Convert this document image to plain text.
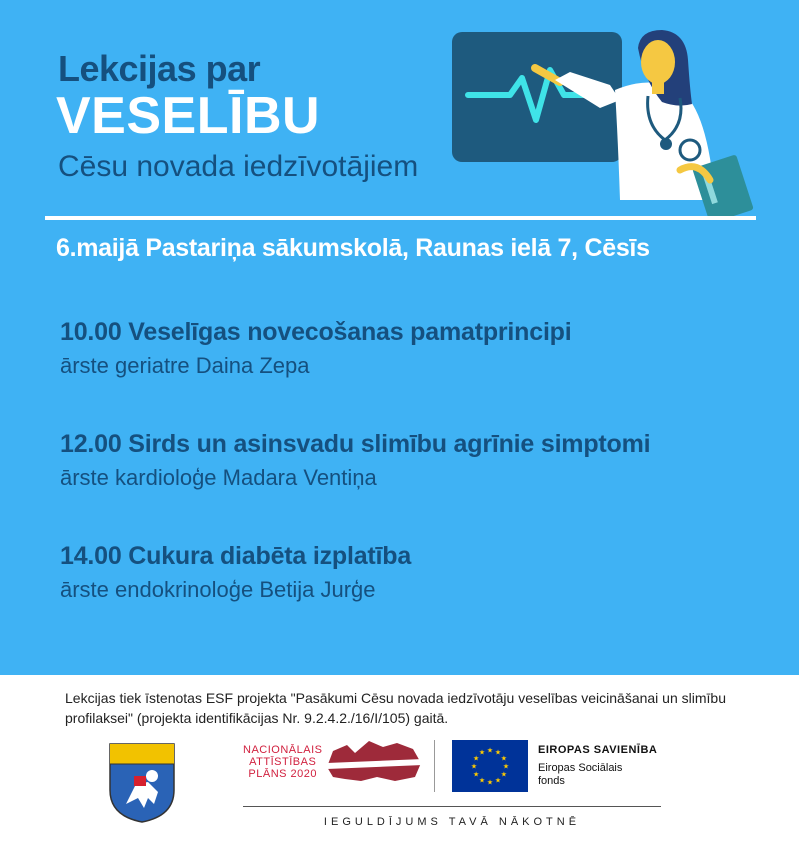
Lekcijas par
VESELĪBU
Cēsu novada iedzīvotājiem
6.maijā Pastariņa sākumskolā, Raunas ielā 7, Cēsīs
10.00 Veselīgas novecošanas pamatprincipi
ārste geriatre Daina Zepa
12.00 Sirds un asinsvadu slimību agrīnie simptomi
ārste kardioloģe Madara Ventiņa
14.00 Cukura diabēta izplatība
ārste endokrinoloģe Betija Jurģe
Lekcijas tiek īstenotas ESF projekta "Pasākumi Cēsu novada iedzīvotāju veselības veicināšanai un slimību profilaksei" (projekta identifikācijas Nr. 9.2.4.2./16/I/105) gaitā.
NACIONĀLAIS
ATTĪSTĪBAS
PLĀNS 2020
★ ★
★
★
★
★
★
★
★
★
★
★	EIROPAS SAVIENĪBA
Eiropas Sociālais fonds
IEGULDĪJUMS TAVĀ NĀKOTNĒ
